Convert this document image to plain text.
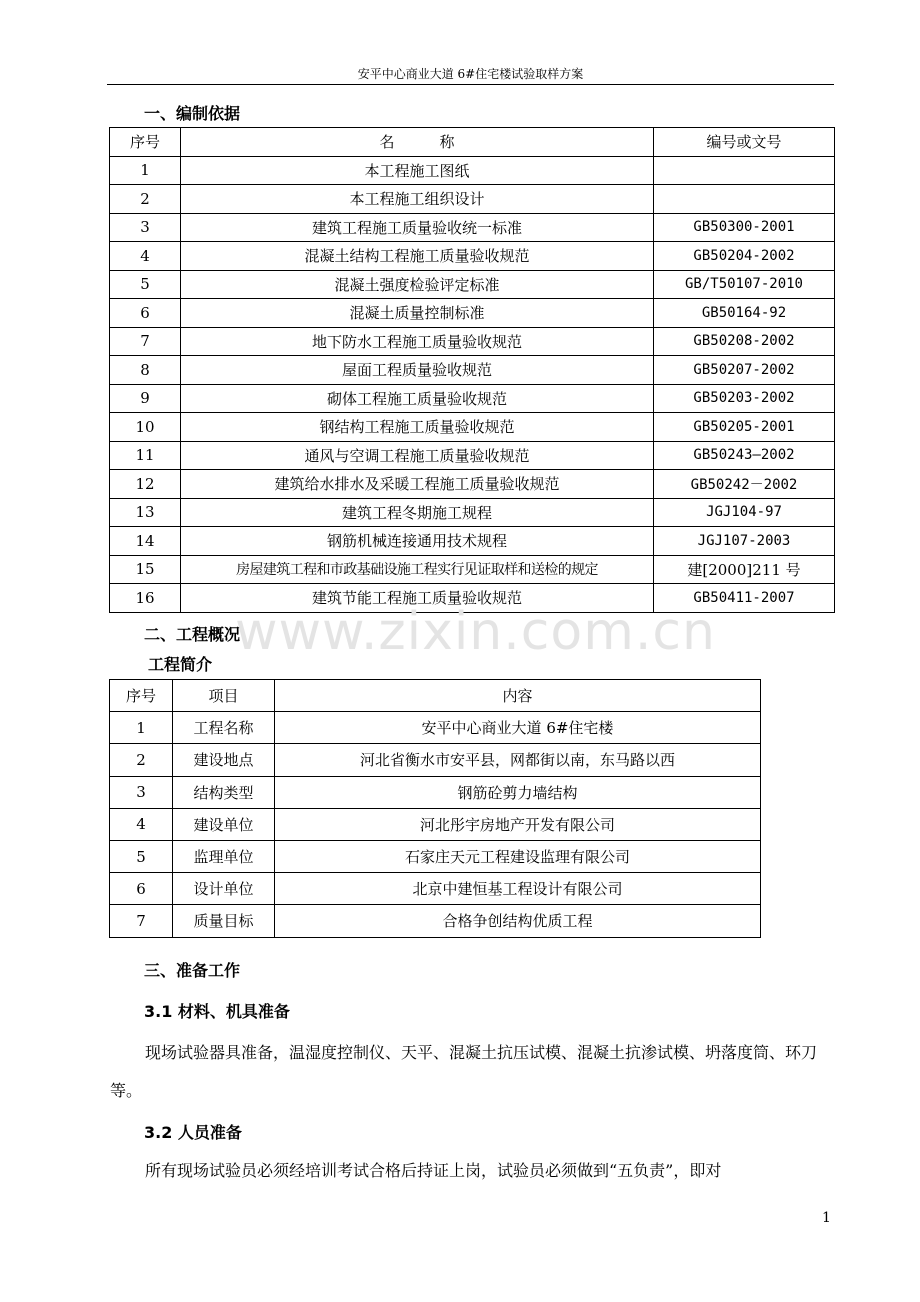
安平中心商业大道 6#住宅楼试验取样方案
一、编制依据
序号	名　　　称	编号或文号
1	本工程施工图纸	
2	本工程施工组织设计	
3	建筑工程施工质量验收统一标准	GB50300-2001
4	混凝土结构工程施工质量验收规范	GB50204-2002
5	混凝土强度检验评定标准	GB/T50107-2010
6	混凝土质量控制标准	GB50164-92
7	地下防水工程施工质量验收规范	GB50208-2002
8	屋面工程质量验收规范	GB50207-2002
9	砌体工程施工质量验收规范	GB50203-2002
10	钢结构工程施工质量验收规范	GB50205-2001
11	通风与空调工程施工质量验收规范	GB50243—2002
12	建筑给水排水及采暖工程施工质量验收规范	GB50242－2002
13	建筑工程冬期施工规程	JGJ104-97
14	钢筋机械连接通用技术规程	JGJ107-2003
15	房屋建筑工程和市政基础设施工程实行见证取样和送检的规定	建[2000]211 号
16	建筑节能工程施工质量验收规范	GB50411-2007
www.zixin.com.cn
二、工程概况
工程简介
序号	项目	内容
1	工程名称	安平中心商业大道 6#住宅楼
2	建设地点	河北省衡水市安平县，网都街以南，东马路以西
3	结构类型	钢筋砼剪力墙结构
4	建设单位	河北彤宇房地产开发有限公司
5	监理单位	石家庄天元工程建设监理有限公司
6	设计单位	北京中建恒基工程设计有限公司
7	质量目标	合格争创结构优质工程
三、准备工作
3.1 材料、机具准备
现场试验器具准备，温湿度控制仪、天平、混凝土抗压试模、混凝土抗渗试模、坍落度筒、环刀等。
3.2 人员准备
所有现场试验员必须经培训考试合格后持证上岗，试验员必须做到“五负责”，即对
1
